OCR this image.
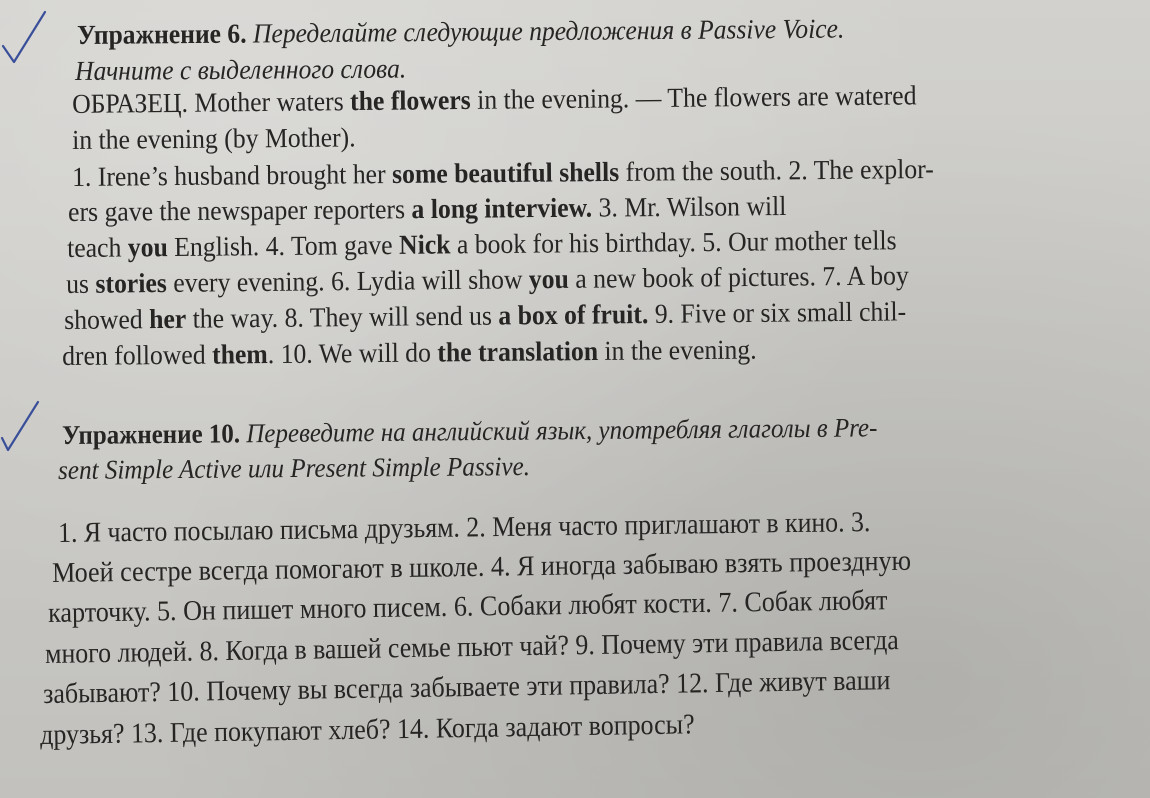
Упражнение 6. Переделайте следующие предложения в Passive Voice.
Начните с выделенного слова.
ОБРАЗЕЦ. Mother waters the flowers in the evening. — The flowers are watered
in the evening (by Mother).
1. Irene’s husband brought her some beautiful shells from the south. 2. The explor-
ers gave the newspaper reporters a long interview. 3. Mr. Wilson will
teach you English. 4. Tom gave Nick a book for his birthday. 5. Our mother tells
us stories every evening. 6. Lydia will show you a new book of pictures. 7. A boy
showed her the way. 8. They will send us a box of fruit. 9. Five or six small chil-
dren followed them. 10. We will do the translation in the evening.
Упражнение 10. Переведите на английский язык, употребляя глаголы в Pre-
sent Simple Active или Present Simple Passive.
1. Я часто посылаю письма друзьям. 2. Меня часто приглашают в кино. 3.
Моей сестре всегда помогают в школе. 4. Я иногда забываю взять проездную
карточку. 5. Он пишет много писем. 6. Собаки любят кости. 7. Собак любят
много людей. 8. Когда в вашей семье пьют чай? 9. Почему эти правила всегда
забывают? 10. Почему вы всегда забываете эти правила? 12. Где живут ваши
друзья? 13. Где покупают хлеб? 14. Когда задают вопросы?
